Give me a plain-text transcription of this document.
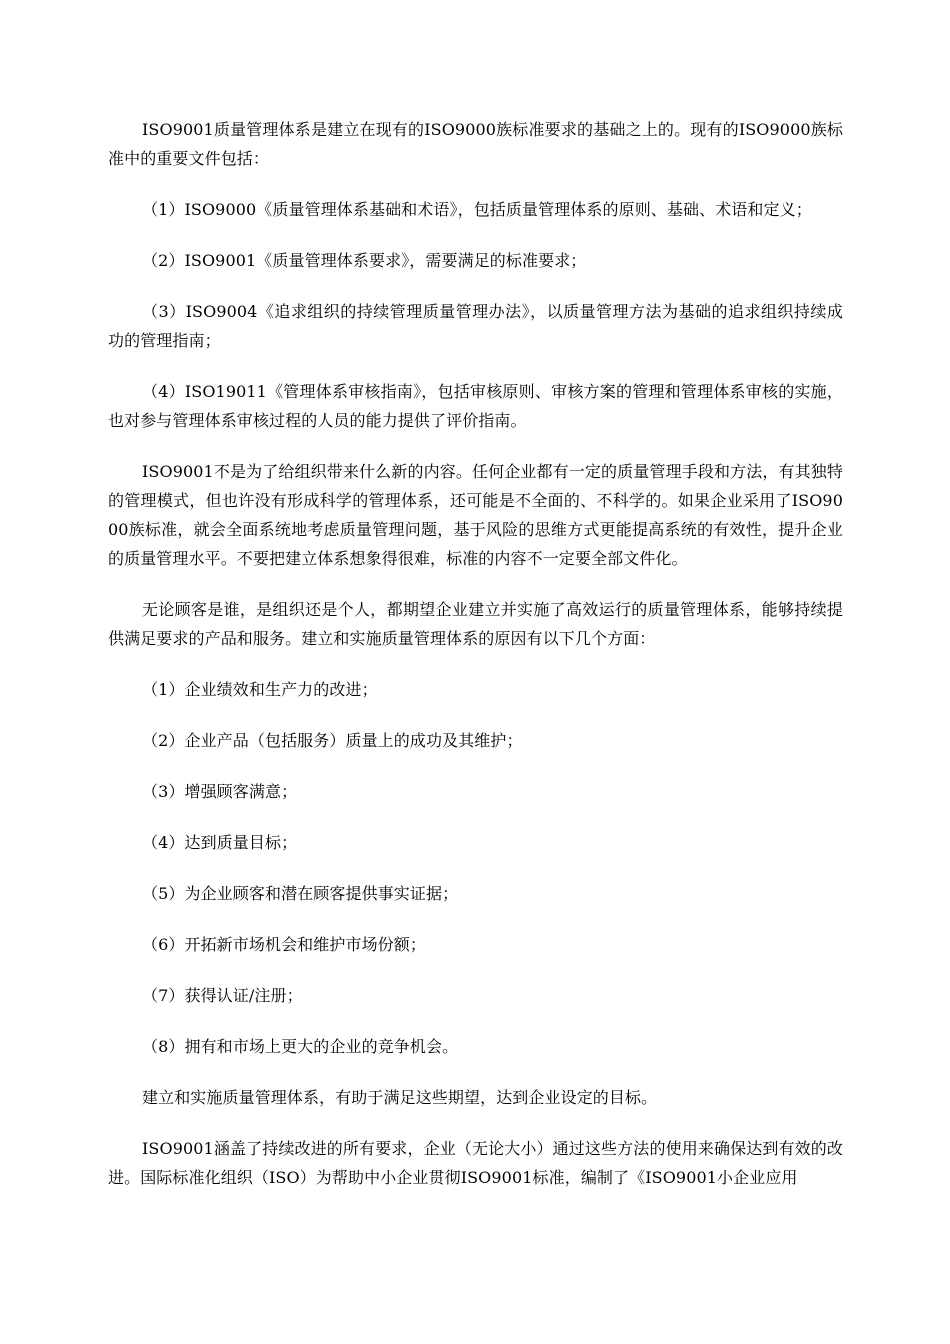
ISO9001质量管理体系是建立在现有的ISO9000族标准要求的基础之上的。现有的ISO9000族标准中的重要文件包括：

（1）ISO9000《质量管理体系基础和术语》，包括质量管理体系的原则、基础、术语和定义；

（2）ISO9001《质量管理体系要求》，需要满足的标准要求；

（3）ISO9004《追求组织的持续管理质量管理办法》，以质量管理方法为基础的追求组织持续成功的管理指南；

（4）ISO19011《管理体系审核指南》，包括审核原则、审核方案的管理和管理体系审核的实施，也对参与管理体系审核过程的人员的能力提供了评价指南。

ISO9001不是为了给组织带来什么新的内容。任何企业都有一定的质量管理手段和方法，有其独特的管理模式，但也许没有形成科学的管理体系，还可能是不全面的、不科学的。如果企业采用了ISO9000族标准，就会全面系统地考虑质量管理问题，基于风险的思维方式更能提高系统的有效性，提升企业的质量管理水平。不要把建立体系想象得很难，标准的内容不一定要全部文件化。

无论顾客是谁，是组织还是个人，都期望企业建立并实施了高效运行的质量管理体系，能够持续提供满足要求的产品和服务。建立和实施质量管理体系的原因有以下几个方面：

（1）企业绩效和生产力的改进；

（2）企业产品（包括服务）质量上的成功及其维护；

（3）增强顾客满意；

（4）达到质量目标；

（5）为企业顾客和潜在顾客提供事实证据；

（6）开拓新市场机会和维护市场份额；

（7）获得认证/注册；

（8）拥有和市场上更大的企业的竞争机会。

建立和实施质量管理体系，有助于满足这些期望，达到企业设定的目标。

ISO9001涵盖了持续改进的所有要求，企业（无论大小）通过这些方法的使用来确保达到有效的改进。国际标准化组织（ISO）为帮助中小企业贯彻ISO9001标准，编制了《ISO9001小企业应用
